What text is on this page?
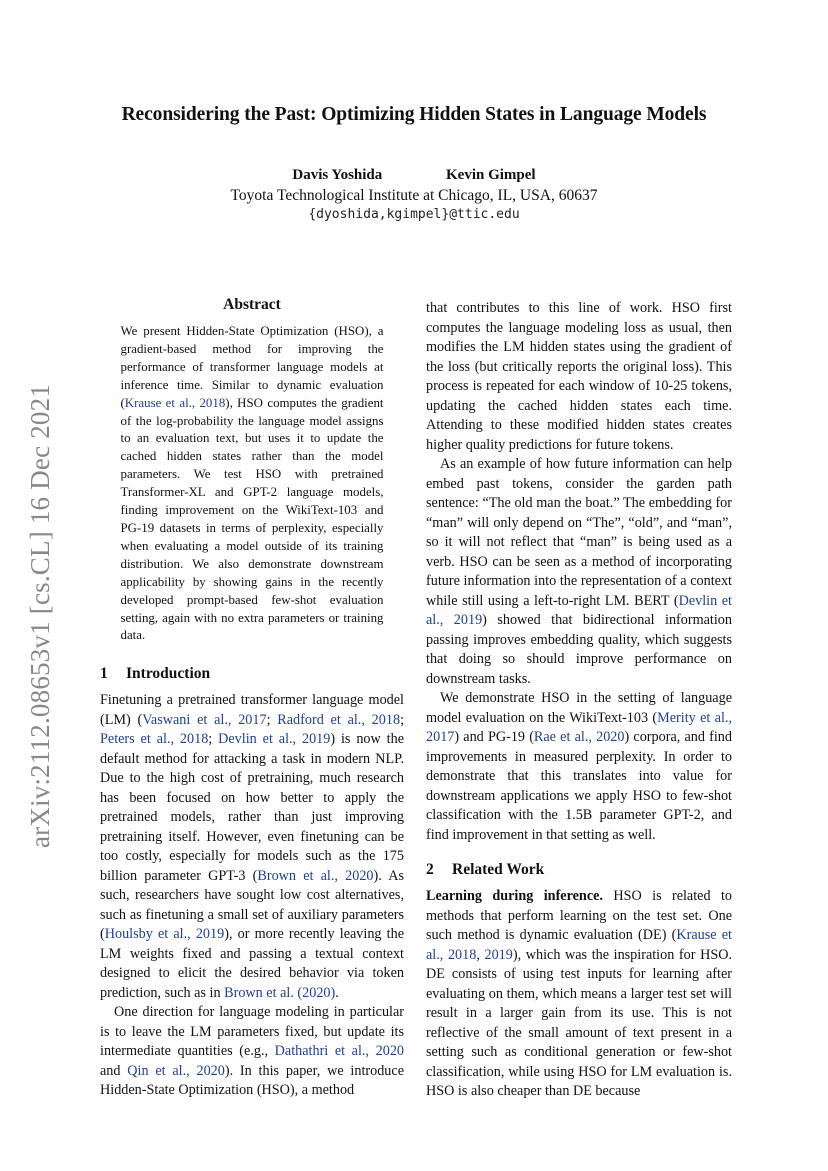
arXiv:2112.08653v1 [cs.CL] 16 Dec 2021
Reconsidering the Past: Optimizing Hidden States in Language Models
Davis Yoshida	Kevin Gimpel
Toyota Technological Institute at Chicago, IL, USA, 60637
{dyoshida,kgimpel}@ttic.edu
Abstract
We present Hidden-State Optimization (HSO), a gradient-based method for improving the performance of transformer language models at inference time. Similar to dynamic evaluation (Krause et al., 2018), HSO computes the gradient of the log-probability the language model assigns to an evaluation text, but uses it to update the cached hidden states rather than the model parameters. We test HSO with pretrained Transformer-XL and GPT-2 language models, finding improvement on the WikiText-103 and PG-19 datasets in terms of perplexity, especially when evaluating a model outside of its training distribution. We also demonstrate downstream applicability by showing gains in the recently developed prompt-based few-shot evaluation setting, again with no extra parameters or training data.
1 Introduction

Finetuning a pretrained transformer language model (LM) (Vaswani et al., 2017; Radford et al., 2018; Peters et al., 2018; Devlin et al., 2019) is now the default method for attacking a task in modern NLP. Due to the high cost of pretraining, much research has been focused on how better to apply the pretrained models, rather than just improving pretraining itself. However, even finetuning can be too costly, especially for models such as the 175 billion parameter GPT-3 (Brown et al., 2020). As such, researchers have sought low cost alternatives, such as finetuning a small set of auxiliary parameters (Houlsby et al., 2019), or more recently leaving the LM weights fixed and passing a textual context designed to elicit the desired behavior via token prediction, such as in Brown et al. (2020).

One direction for language modeling in particular is to leave the LM parameters fixed, but update its intermediate quantities (e.g., Dathathri et al., 2020 and Qin et al., 2020). In this paper, we introduce Hidden-State Optimization (HSO), a method

that contributes to this line of work. HSO first computes the language modeling loss as usual, then modifies the LM hidden states using the gradient of the loss (but critically reports the original loss). This process is repeated for each window of 10-25 tokens, updating the cached hidden states each time. Attending to these modified hidden states creates higher quality predictions for future tokens.

As an example of how future information can help embed past tokens, consider the garden path sentence: “The old man the boat.” The embedding for “man” will only depend on “The”, “old”, and “man”, so it will not reflect that “man” is being used as a verb. HSO can be seen as a method of incorporating future information into the representation of a context while still using a left-to-right LM. BERT (Devlin et al., 2019) showed that bidirectional information passing improves embedding quality, which suggests that doing so should improve performance on downstream tasks.

We demonstrate HSO in the setting of language model evaluation on the WikiText-103 (Merity et al., 2017) and PG-19 (Rae et al., 2020) corpora, and find improvements in measured perplexity. In order to demonstrate that this translates into value for downstream applications we apply HSO to few-shot classification with the 1.5B parameter GPT-2, and find improvement in that setting as well.

2 Related Work

Learning during inference. HSO is related to methods that perform learning on the test set. One such method is dynamic evaluation (DE) (Krause et al., 2018, 2019), which was the inspiration for HSO. DE consists of using test inputs for learning after evaluating on them, which means a larger test set will result in a larger gain from its use. This is not reflective of the small amount of text present in a setting such as conditional generation or few-shot classification, while using HSO for LM evaluation is. HSO is also cheaper than DE because
